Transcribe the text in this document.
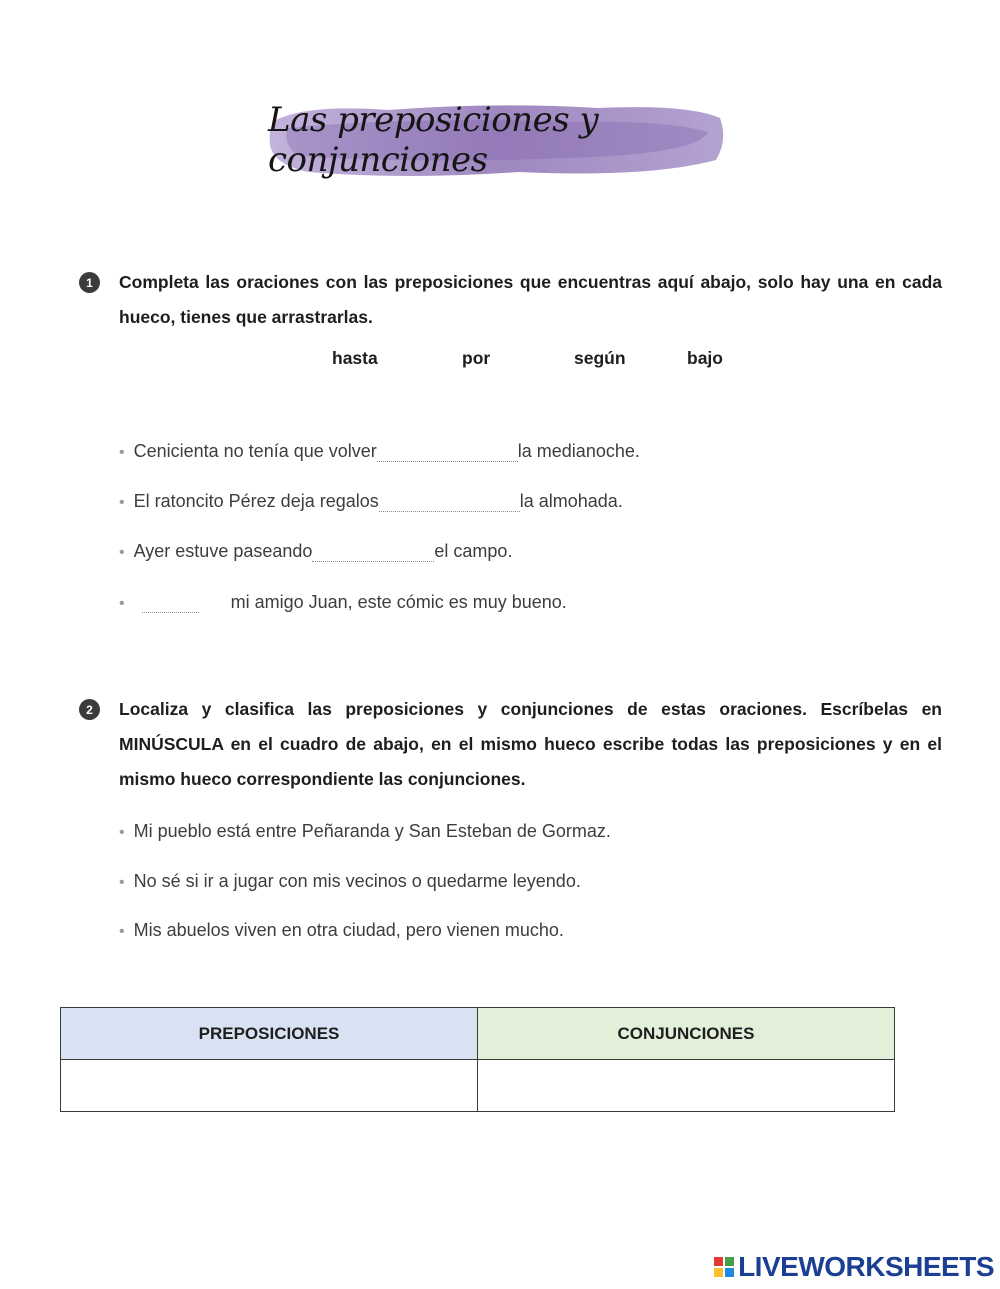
Las preposiciones y conjunciones
1	Completa las oraciones con las preposiciones que encuentras aquí abajo, solo hay una en cada hueco, tienes que arrastrarlas.
hasta	por	según	bajo
• Cenicienta no tenía que volver	la medianoche.
• El ratoncito Pérez deja regalos	la almohada.
• Ayer estuve paseando	el campo.
•	mi amigo Juan, este cómic es muy bueno.
2	Localiza y clasifica las preposiciones y conjunciones de estas oraciones. Escríbelas en MINÚSCULA en el cuadro de abajo, en el mismo hueco escribe todas las preposiciones y en el mismo hueco correspondiente las conjunciones.
• Mi pueblo está entre Peñaranda y San Esteban de Gormaz.
• No sé si ir a jugar con mis vecinos o quedarme leyendo.
• Mis abuelos viven en otra ciudad, pero vienen mucho.
PREPOSICIONES	CONJUNCIONES

LIVEWORKSHEETS
